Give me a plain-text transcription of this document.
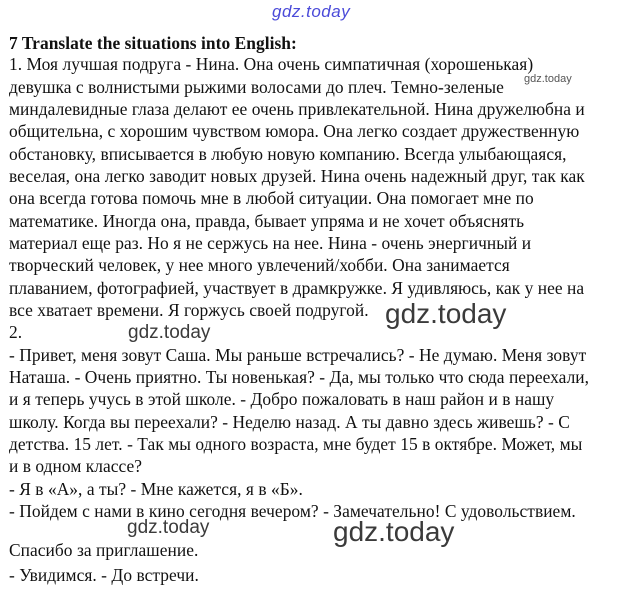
gdz.today
7 Translate the situations into English:
1. Моя лучшая подруга - Нина. Она очень симпатичная (хорошенькая)
девушка с волнистыми рыжими волосами до плеч. Темно-зеленые
миндалевидные глаза делают ее очень привлекательной. Нина дружелюбна и
общительна, с хорошим чувством юмора. Она легко создает дружественную
обстановку, вписывается в любую новую компанию. Всегда улыбающаяся,
веселая, она легко заводит новых друзей. Нина очень надежный друг, так как
она всегда готова помочь мне в любой ситуации. Она помогает мне по
математике. Иногда она, правда, бывает упряма и не хочет объяснять
материал еще раз. Но я не сержусь на нее. Нина - очень энергичный и
творческий человек, у нее много увлечений/хобби. Она занимается
плаванием, фотографией, участвует в драмкружке. Я удивляюсь, как у нее на
все хватает времени. Я горжусь своей подругой.
2.
- Привет, меня зовут Саша. Мы раньше встречались? - Не думаю. Меня зовут
Наташа. - Очень приятно. Ты новенькая? - Да, мы только что сюда переехали,
и я теперь учусь в этой школе. - Добро пожаловать в наш район и в нашу
школу. Когда вы переехали? - Неделю назад. А ты давно здесь живешь? - С
детства. 15 лет. - Так мы одного возраста, мне будет 15 в октябре. Может, мы
и в одном классе?
- Я в «А», а ты? - Мне кажется, я в «Б».
- Пойдем с нами в кино сегодня вечером? - Замечательно! С удовольствием.
Спасибо за приглашение.
- Увидимся. - До встречи.
gdz.today
gdz.today
gdz.today
gdz.today	gdz.today
